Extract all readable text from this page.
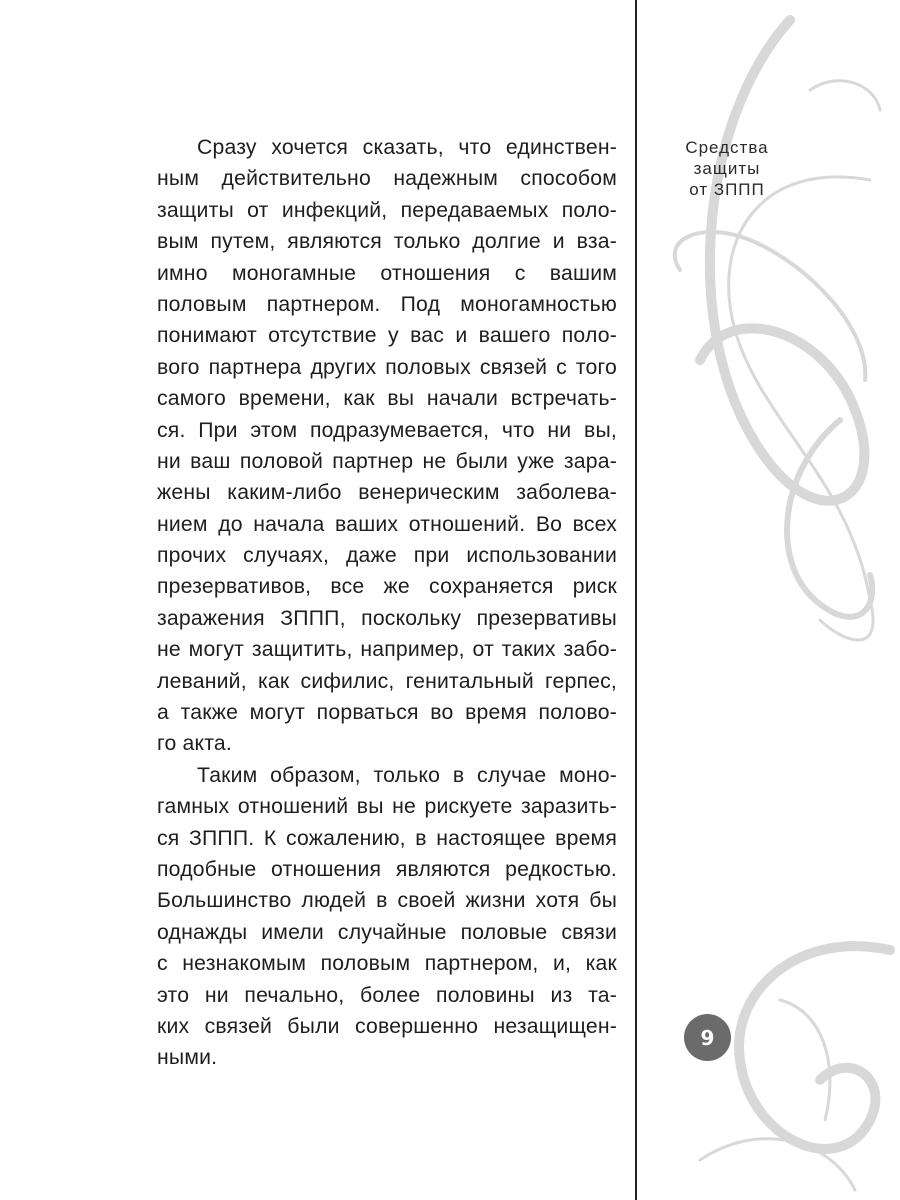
Средства
защиты
от ЗППП
9
Сразу хочется сказать, что единствен-
ным действительно надежным способом
защиты от инфекций, передаваемых поло-
вым путем, являются только долгие и вза-
имно моногамные отношения с вашим
половым партнером. Под моногамностью
понимают отсутствие у вас и вашего поло-
вого партнера других половых связей с того
самого времени, как вы начали встречать-
ся. При этом подразумевается, что ни вы,
ни ваш половой партнер не были уже зара-
жены каким-либо венерическим заболева-
нием до начала ваших отношений. Во всех
прочих случаях, даже при использовании
презервативов, все же сохраняется риск
заражения ЗППП, поскольку презервативы
не могут защитить, например, от таких забо-
леваний, как сифилис, генитальный герпес,
а также могут порваться во время полово-
го акта.
Таким образом, только в случае моно-
гамных отношений вы не рискуете заразить-
ся ЗППП. К сожалению, в настоящее время
подобные отношения являются редкостью.
Большинство людей в своей жизни хотя бы
однажды имели случайные половые связи
с незнакомым половым партнером, и, как
это ни печально, более половины из та-
ких связей были совершенно незащищен-
ными.
